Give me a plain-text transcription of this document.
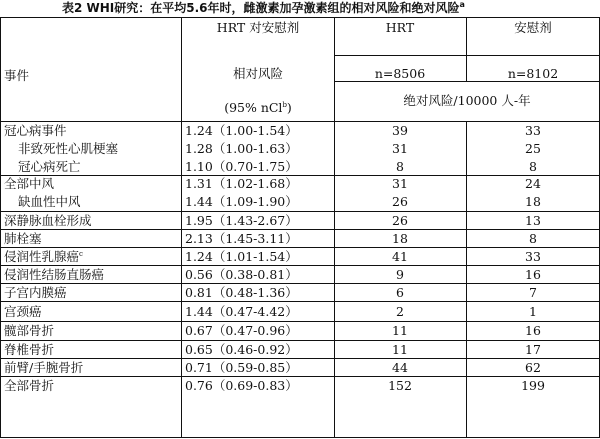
表2 WHI研究：在平均5.6年时，雌激素加孕激素组的相对风险和绝对风险$^a$
事件
HRT 对安慰剂
相对风险
(95% nCl$^b$)
HRT	安慰剂
n=8506	n=8102
绝对风险/10000 人-年
冠心病事件	1.24（1.00-1.54）	39	33
非致死性心肌梗塞	1.28（1.00-1.63）	31	25
冠心病死亡	1.10（0.70-1.75）	8	8
全部中风	1.31（1.02-1.68）	31	24
缺血性中风	1.44（1.09-1.90）	26	18
深静脉血栓形成	1.95（1.43-2.67）	26	13
肺栓塞	2.13（1.45-3.11）	18	8
侵润性乳腺癌$^c$	1.24（1.01-1.54）	41	33
侵润性结肠直肠癌	0.56（0.38-0.81）	9	16
子宫内膜癌	0.81（0.48-1.36）	6	7
宫颈癌	1.44（0.47-4.42）	2	1
髋部骨折	0.67（0.47-0.96）	11	16
脊椎骨折	0.65（0.46-0.92）	11	17
前臂/手腕骨折	0.71（0.59-0.85）	44	62
全部骨折	0.76（0.69-0.83）	152	199
